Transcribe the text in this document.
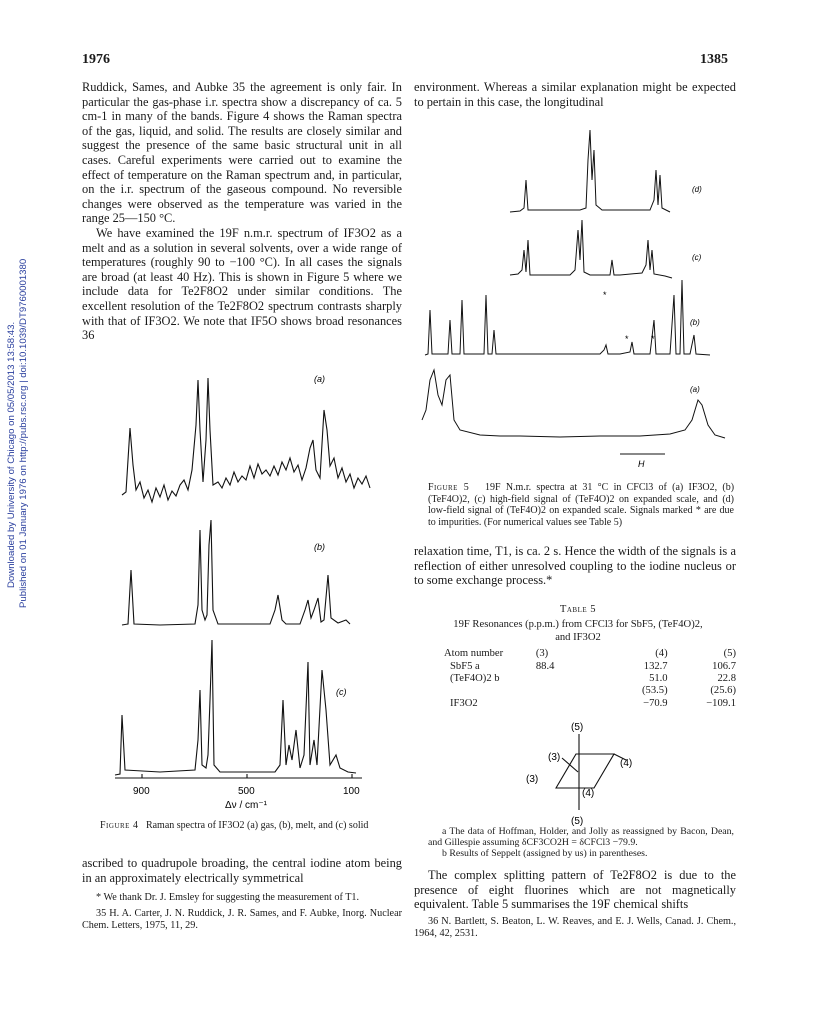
Downloaded by University of Chicago on 05/05/2013 13:58:43. Published on 01 January 1976 on http://pubs.rsc.org | doi:10.1039/DT9760001380
1976	1385

Ruddick, Sames, and Aubke 35 the agreement is only fair. In particular the gas-phase i.r. spectra show a discrepancy of ca. 5 cm-1 in many of the bands. Figure 4 shows the Raman spectra of the gas, liquid, and solid. The results are closely similar and suggest the presence of the same basic structural unit in all cases. Careful experiments were carried out to examine the effect of temperature on the Raman spectrum and, in particular, on the i.r. spectrum of the gaseous compound. No reversible changes were observed as the temperature was varied in the range 25—150 °C.

We have examined the 19F n.m.r. spectrum of IF3O2 as a melt and as a solution in several solvents, over a wide range of temperatures (roughly 90 to −100 °C). In all cases the signals are broad (at least 40 Hz). This is shown in Figure 5 where we include data for Te2F8O2 under similar conditions. The excellent resolution of the Te2F8O2 spectrum contrasts sharply with that of IF3O2. We note that IF5O shows broad resonances 36

(a)
(b)
(c)
900	500	100
Δν / cm⁻¹
Figure 4 Raman spectra of IF3O2 (a) gas, (b), melt, and (c) solid

ascribed to quadrupole broading, the central iodine atom being in an approximately electrically symmetrical

* We thank Dr. J. Emsley for suggesting the measurement of T1.

35 H. A. Carter, J. N. Ruddick, J. R. Sames, and F. Aubke, Inorg. Nuclear Chem. Letters, 1975, 11, 29.

environment. Whereas a similar explanation might be expected to pertain in this case, the longitudinal

(d)
(c)
(b)
(a)
*
* *
H
Figure 5 19F N.m.r. spectra at 31 °C in CFCl3 of (a) IF3O2, (b) (TeF4O)2, (c) high-field signal of (TeF4O)2 on expanded scale, and (d) low-field signal of (TeF4O)2 on expanded scale. Signals marked * are due to impurities. (For numerical values see Table 5)

relaxation time, T1, is ca. 2 s. Hence the width of the signals is a reflection of either unresolved coupling to the iodine nucleus or to some exchange process.*

Table 5
19F Resonances (p.p.m.) from CFCl3 for SbF5, (TeF4O)2,
and IF3O2
Atom number	(3)	(4)	(5)
SbF5 a	88.4	132.7	106.7
(TeF4O)2 b		51.0	22.8
		(53.5)	(25.6)
IF3O2		−70.9	−109.1
(5)
(3)
(4)
(3)
(4)
(5)

a The data of Hoffman, Holder, and Jolly as reassigned by Bacon, Dean, and Gillespie assuming δCF3CO2H = δCFCl3 −79.9.

b Results of Seppelt (assigned by us) in parentheses.

The complex splitting pattern of Te2F8O2 is due to the presence of eight fluorines which are not magnetically equivalent. Table 5 summarises the 19F chemical shifts

36 N. Bartlett, S. Beaton, L. W. Reaves, and E. J. Wells, Canad. J. Chem., 1964, 42, 2531.
